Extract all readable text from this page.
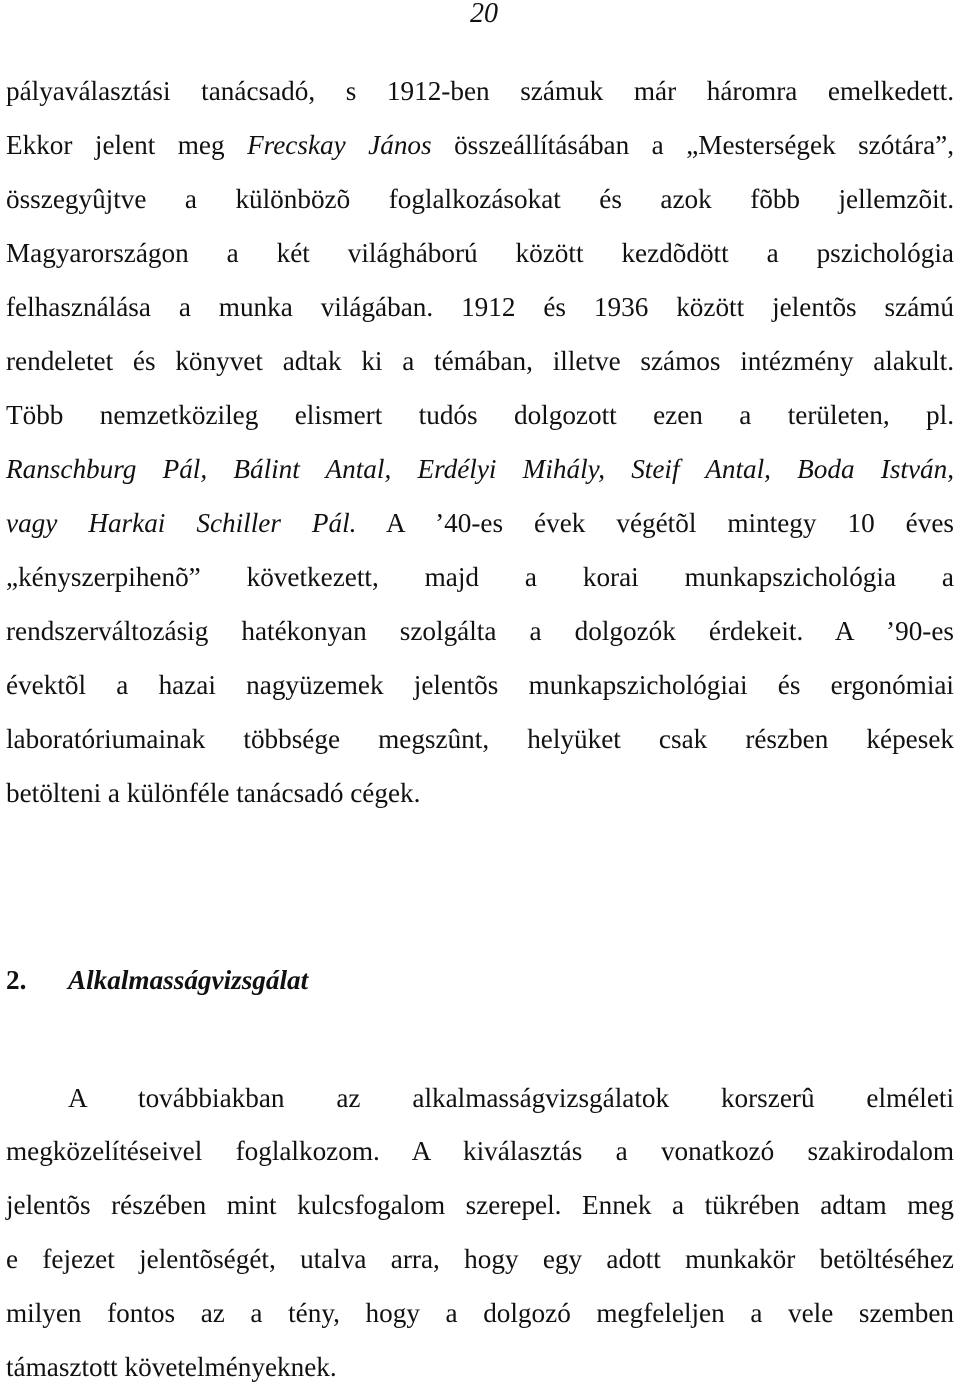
20
pályaválasztási tanácsadó, s 1912-ben számuk már háromra emelkedett.
Ekkor jelent meg Frecskay János összeállításában a „Mesterségek szótára”,
összegyûjtve a különbözõ foglalkozásokat és azok fõbb jellemzõit.
Magyarországon a két világháború között kezdõdött a pszichológia
felhasználása a munka világában. 1912 és 1936 között jelentõs számú
rendeletet és könyvet adtak ki a témában, illetve számos intézmény alakult.
Több nemzetközileg elismert tudós dolgozott ezen a területen, pl.
Ranschburg Pál, Bálint Antal, Erdélyi Mihály, Steif Antal, Boda István,
vagy Harkai Schiller Pál. A ’40-es évek végétõl mintegy 10 éves
„kényszerpihenõ” következett, majd a korai munkapszichológia a
rendszerváltozásig hatékonyan szolgálta a dolgozók érdekeit. A ’90-es
évektõl a hazai nagyüzemek jelentõs munkapszichológiai és ergonómiai
laboratóriumainak többsége megszûnt, helyüket csak részben képesek
betölteni a különféle tanácsadó cégek.
2. Alkalmasságvizsgálat
A továbbiakban az alkalmasságvizsgálatok korszerû elméleti
megközelítéseivel foglalkozom. A kiválasztás a vonatkozó szakirodalom
jelentõs részében mint kulcsfogalom szerepel. Ennek a tükrében adtam meg
e fejezet jelentõségét, utalva arra, hogy egy adott munkakör betöltéséhez
milyen fontos az a tény, hogy a dolgozó megfeleljen a vele szemben
támasztott követelményeknek.
